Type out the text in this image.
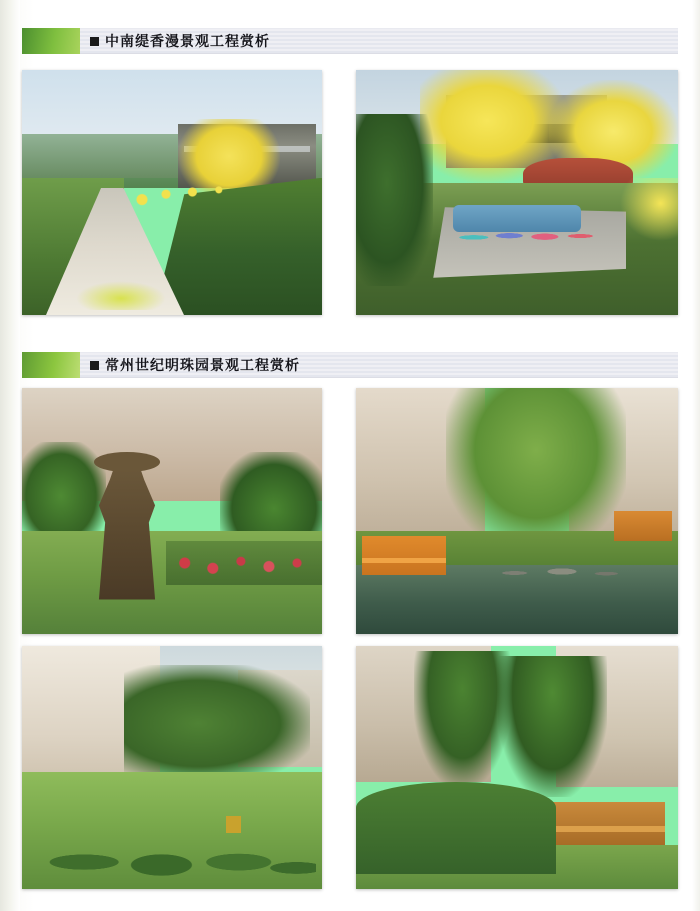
中南缇香漫景观工程赏析
常州世纪明珠园景观工程赏析
